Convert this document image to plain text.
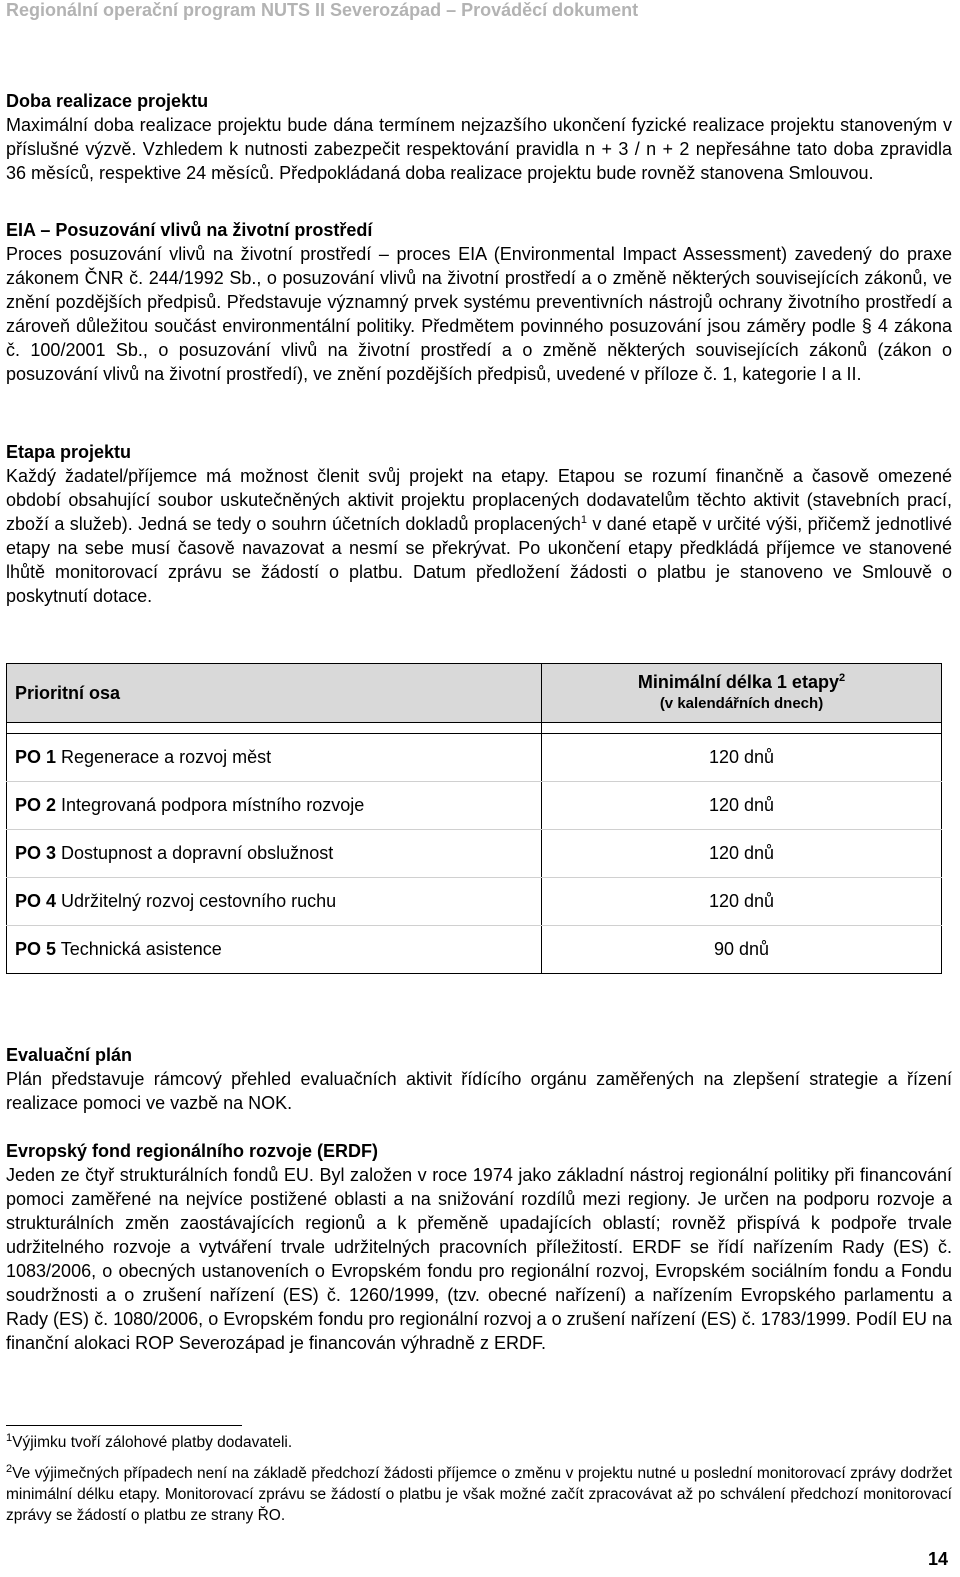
Regionální operační program NUTS II Severozápad – Prováděcí dokument
Doba realizace projektu

Maximální doba realizace projektu bude dána termínem nejzazšího ukončení fyzické realizace projektu stanoveným v příslušné výzvě. Vzhledem k nutnosti zabezpečit respektování pravidla n + 3 / n + 2 nepřesáhne tato doba zpravidla 36 měsíců, respektive 24 měsíců. Předpokládaná doba realizace projektu bude rovněž stanovena Smlouvou.

EIA – Posuzování vlivů na životní prostředí

Proces posuzování vlivů na životní prostředí – proces EIA (Environmental Impact Assessment) zavedený do praxe zákonem ČNR č. 244/1992 Sb., o posuzování vlivů na životní prostředí a o změně některých souvisejících zákonů, ve znění pozdějších předpisů. Představuje významný prvek systému preventivních nástrojů ochrany životního prostředí a zároveň důležitou součást environmentální politiky. Předmětem povinného posuzování jsou záměry podle § 4 zákona č. 100/2001 Sb., o posuzování vlivů na životní prostředí a o změně některých souvisejících zákonů (zákon o posuzování vlivů na životní prostředí), ve znění pozdějších předpisů, uvedené v příloze č. 1, kategorie I a II.

Etapa projektu

Každý žadatel/příjemce má možnost členit svůj projekt na etapy. Etapou se rozumí finančně a časově omezené období obsahující soubor uskutečněných aktivit projektu proplacených dodavatelům těchto aktivit (stavebních prací, zboží a služeb). Jedná se tedy o souhrn účetních dokladů proplacených$^1$ v dané etapě v určité výši, přičemž jednotlivé etapy na sebe musí časově navazovat a nesmí se překrývat. Po ukončení etapy předkládá příjemce ve stanovené lhůtě monitorovací zprávu se žádostí o platbu. Datum předložení žádosti o platbu je stanoveno ve Smlouvě o poskytnutí dotace.

Prioritní osa	Minimální délka 1 etapy$^2$
(v kalendářních dnech)

PO 1 Regenerace a rozvoj měst	120 dnů
PO 2 Integrovaná podpora místního rozvoje	120 dnů
PO 3 Dostupnost a dopravní obslužnost	120 dnů
PO 4 Udržitelný rozvoj cestovního ruchu	120 dnů
PO 5 Technická asistence	90 dnů
Evaluační plán

Plán představuje rámcový přehled evaluačních aktivit řídícího orgánu zaměřených na zlepšení strategie a řízení realizace pomoci ve vazbě na NOK.

Evropský fond regionálního rozvoje (ERDF)

Jeden ze čtyř strukturálních fondů EU. Byl založen v roce 1974 jako základní nástroj regionální politiky při financování pomoci zaměřené na nejvíce postižené oblasti a na snižování rozdílů mezi regiony. Je určen na podporu rozvoje a strukturálních změn zaostávajících regionů a k přeměně upadajících oblastí; rovněž přispívá k podpoře trvale udržitelného rozvoje a vytváření trvale udržitelných pracovních příležitostí. ERDF se řídí nařízením Rady (ES) č. 1083/2006, o obecných ustanoveních o Evropském fondu pro regionální rozvoj, Evropském sociálním fondu a Fondu soudržnosti a o zrušení nařízení (ES) č. 1260/1999, (tzv. obecné nařízení) a nařízením Evropského parlamentu a Rady (ES) č. 1080/2006, o Evropském fondu pro regionální rozvoj a o zrušení nařízení (ES) č. 1783/1999. Podíl EU na finanční alokaci ROP Severozápad je financován výhradně z ERDF.

$^1$Výjimku tvoří zálohové platby dodavateli.

$^2$Ve výjimečných případech není na základě předchozí žádosti příjemce o změnu v projektu nutné u poslední monitorovací zprávy dodržet minimální délku etapy. Monitorovací zprávu se žádostí o platbu je však možné začít zpracovávat až po schválení předchozí monitorovací zprávy se žádostí o platbu ze strany ŘO.

14
